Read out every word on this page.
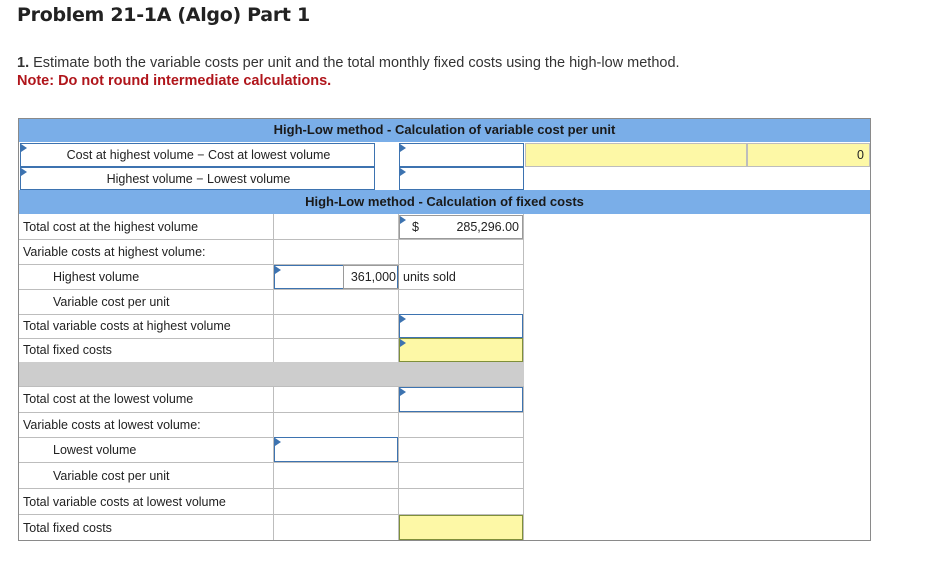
Problem 21-1A (Algo) Part 1
1. Estimate both the variable costs per unit and the total monthly fixed costs using the high-low method.
Note: Do not round intermediate calculations.
High-Low method - Calculation of variable cost per unit
Cost at highest volume − Cost at lowest volume	0
Highest volume − Lowest volume
High-Low method - Calculation of fixed costs
Total cost at the highest volume	$	285,296.00
Variable costs at highest volume:
Highest volume	361,000 units sold
Variable cost per unit
Total variable costs at highest volume
Total fixed costs
Total cost at the lowest volume
Variable costs at lowest volume:
Lowest volume
Variable cost per unit
Total variable costs at lowest volume
Total fixed costs
